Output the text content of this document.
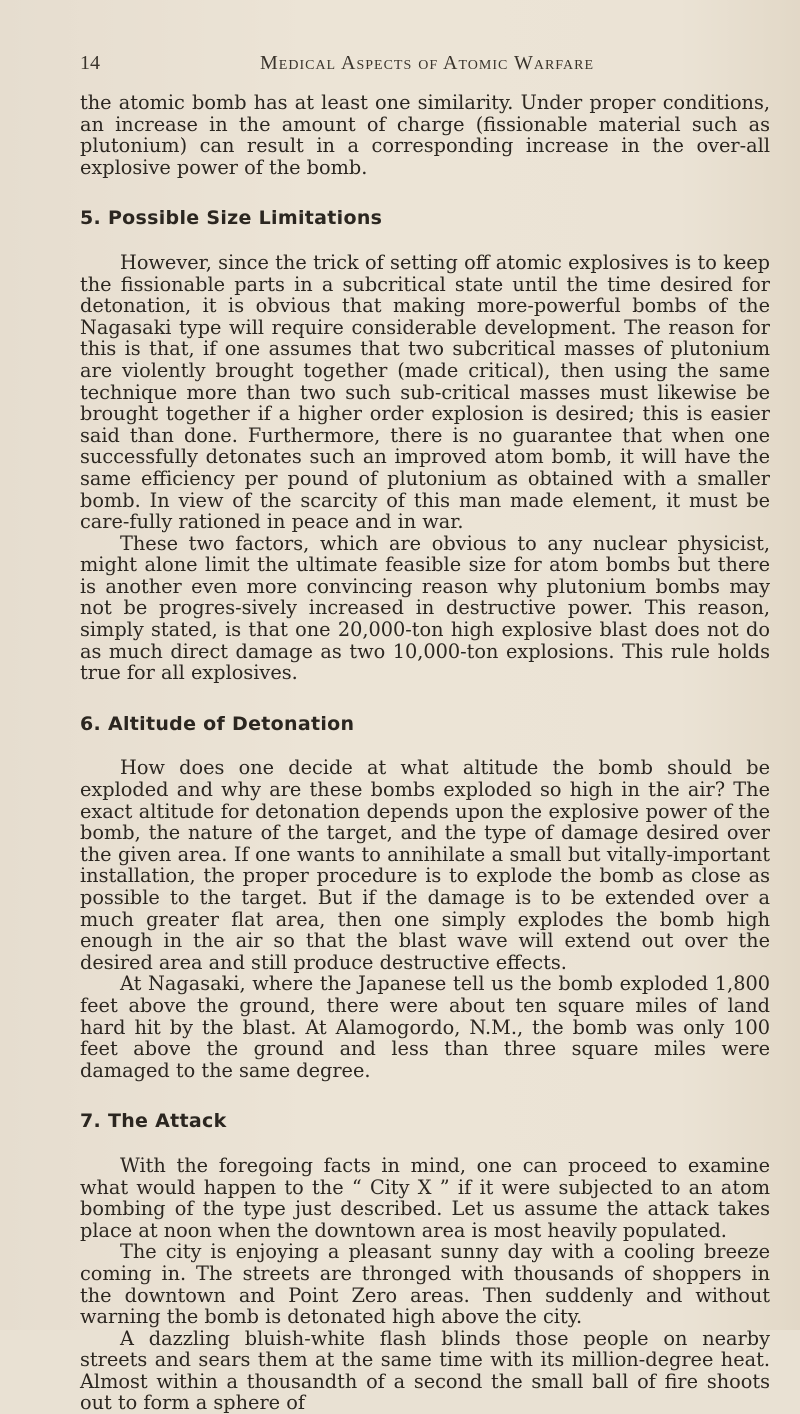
14	Medical Aspects of Atomic Warfare

the atomic bomb has at least one similarity. Under proper conditions, an increase in the amount of charge (fissionable material such as plutonium) can result in a corresponding increase in the over-all explosive power of the bomb.

5. Possible Size Limitations

However, since the trick of setting off atomic explosives is to keep the fissionable parts in a subcritical state until the time desired for detonation, it is obvious that making more-powerful bombs of the Nagasaki type will require considerable development. The reason for this is that, if one assumes that two subcritical masses of plutonium are violently brought together (made critical), then using the same technique more than two such sub-critical masses must likewise be brought together if a higher order explosion is desired; this is easier said than done. Furthermore, there is no guarantee that when one successfully detonates such an improved atom bomb, it will have the same efficiency per pound of plutonium as obtained with a smaller bomb. In view of the scarcity of this man made element, it must be care-fully rationed in peace and in war.

These two factors, which are obvious to any nuclear physicist, might alone limit the ultimate feasible size for atom bombs but there is another even more convincing reason why plutonium bombs may not be progres-sively increased in destructive power. This reason, simply stated, is that one 20,000-ton high explosive blast does not do as much direct damage as two 10,000-ton explosions. This rule holds true for all explosives.

6. Altitude of Detonation

How does one decide at what altitude the bomb should be exploded and why are these bombs exploded so high in the air? The exact altitude for detonation depends upon the explosive power of the bomb, the nature of the target, and the type of damage desired over the given area. If one wants to annihilate a small but vitally-important installation, the proper procedure is to explode the bomb as close as possible to the target. But if the damage is to be extended over a much greater flat area, then one simply explodes the bomb high enough in the air so that the blast wave will extend out over the desired area and still produce destructive effects.

At Nagasaki, where the Japanese tell us the bomb exploded 1,800 feet above the ground, there were about ten square miles of land hard hit by the blast. At Alamogordo, N.M., the bomb was only 100 feet above the ground and less than three square miles were damaged to the same degree.

7. The Attack

With the foregoing facts in mind, one can proceed to examine what would happen to the “ City X ” if it were subjected to an atom bombing of the type just described. Let us assume the attack takes place at noon when the downtown area is most heavily populated.

The city is enjoying a pleasant sunny day with a cooling breeze coming in. The streets are thronged with thousands of shoppers in the downtown and Point Zero areas. Then suddenly and without warning the bomb is detonated high above the city.

A dazzling bluish-white flash blinds those people on nearby streets and sears them at the same time with its million-degree heat. Almost within a thousandth of a second the small ball of fire shoots out to form a sphere of
